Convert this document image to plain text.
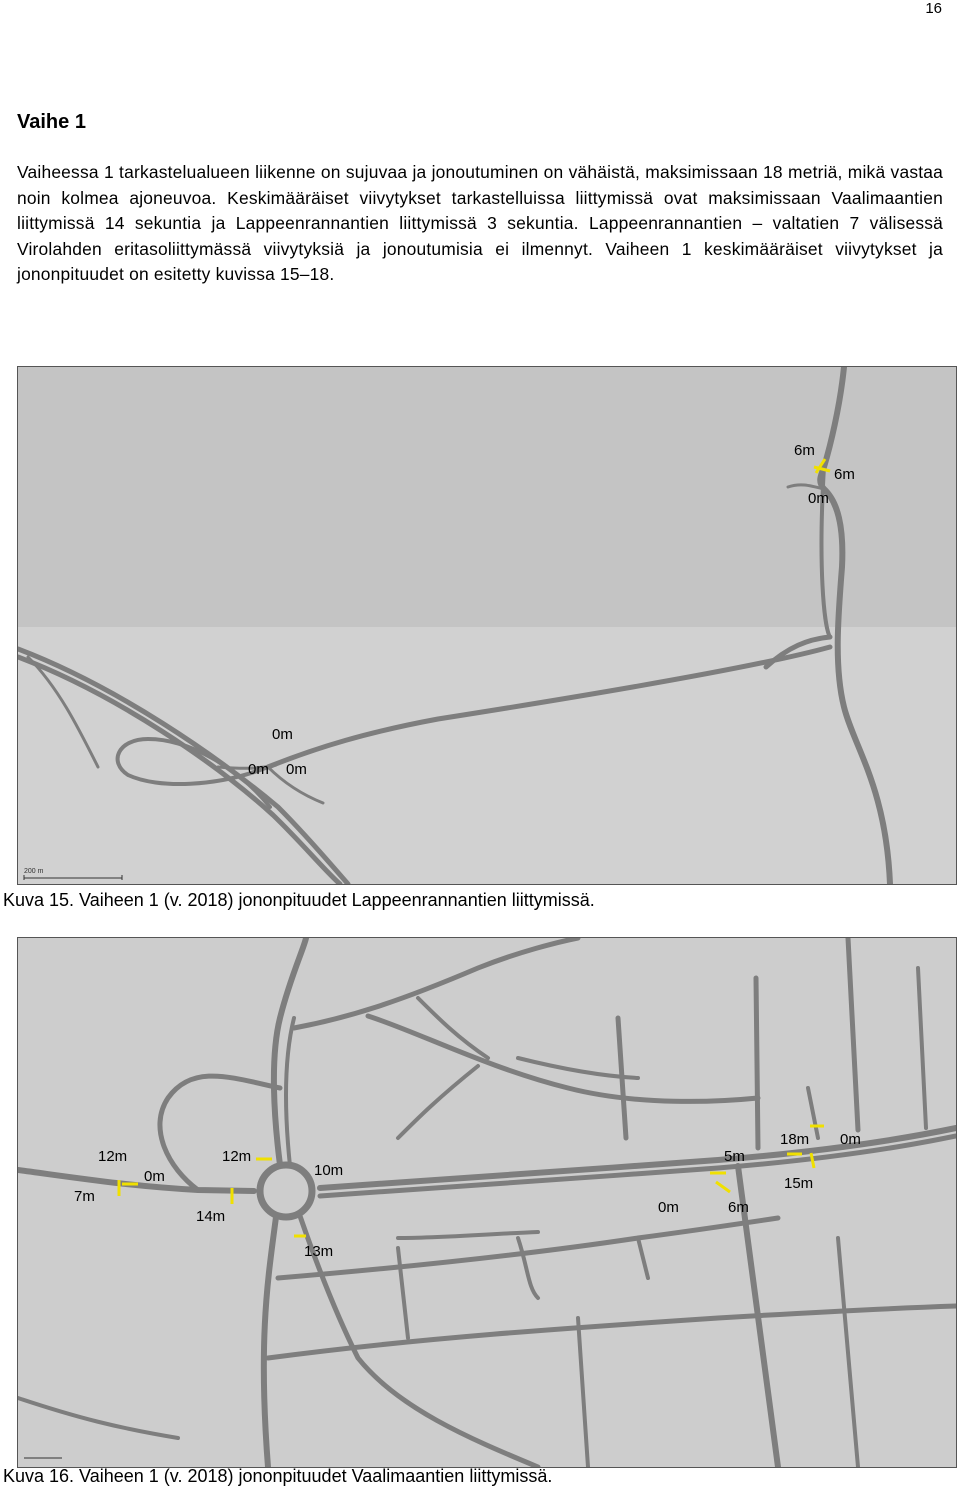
16
Vaihe 1
Vaiheessa 1 tarkastelualueen liikenne on sujuvaa ja jonoutuminen on vähäistä, maksimissaan 18 metriä, mikä vastaa noin kolmea ajoneuvoa. Keskimääräiset viivytykset tarkastelluissa liittymissä ovat maksimissaan Vaalimaantien liittymissä 14 sekuntia ja Lappeenrannantien liittymissä 3 sekuntia. Lappeenrannantien – valtatien 7 välisessä Virolahden eritasoliittymässä viivytyksiä ja jonoutumisia ei ilmennyt. Vaiheen 1 keskimääräiset viivytykset ja jononpituudet on esitetty kuvissa 15–18.
6m
6m
0m
0m
0m 0m
200 m
Kuva 15. Vaiheen 1 (v. 2018) jononpituudet Lappeenrannantien liittymissä.
12m
0m
7m
12m
14m
10m
13m
5m
0m	6m
18m 0m
15m
Kuva 16. Vaiheen 1 (v. 2018) jononpituudet Vaalimaantien liittymissä.
